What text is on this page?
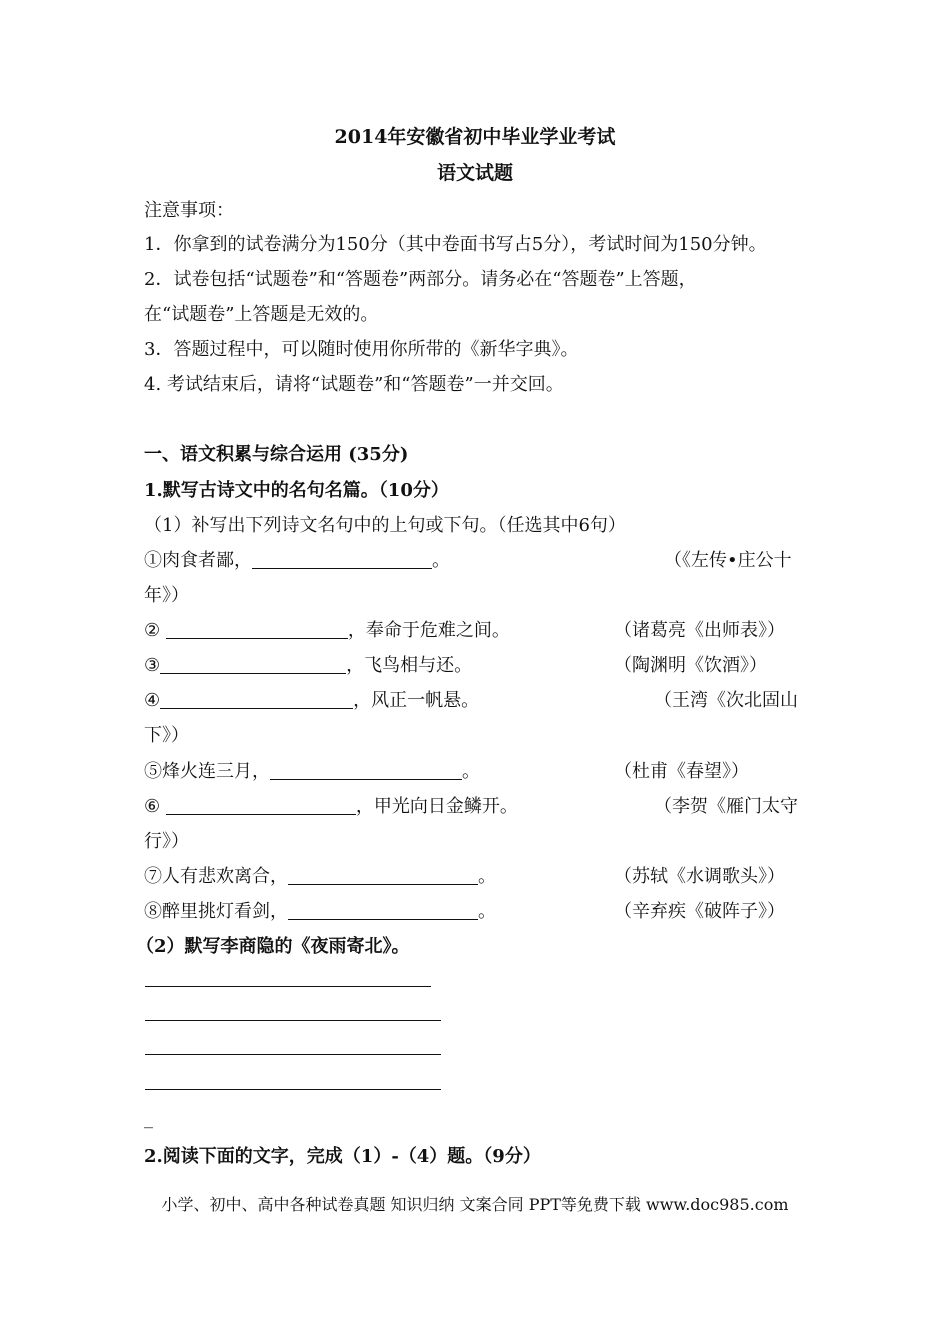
2014年安徽省初中毕业学业考试
语文试题
注意事项：
1．你拿到的试卷满分为150分（其中卷面书写占5分），考试时间为150分钟。
2．试卷包括“试题卷”和“答题卷”两部分。请务必在“答题卷”上答题，
在“试题卷”上答题是无效的。
3．答题过程中，可以随时使用你所带的《新华字典》。
4. 考试结束后，请将“试题卷”和“答题卷”一并交回。
一、语文积累与综合运用 (35分)
1.默写古诗文中的名句名篇。（10分）
（1）补写出下列诗文名句中的上句或下句。（任选其中6句）
①肉食者鄙，	。	（《左传•庄公十
年》）
②	，奉命于危难之间。	（诸葛亮《出师表》）
③	，飞鸟相与还。	（陶渊明《饮酒》）
④	，风正一帆悬。	（王湾《次北固山
下》）
⑤烽火连三月，	。	（杜甫《春望》）
⑥	，甲光向日金鳞开。	（李贺《雁门太守
行》）
⑦人有悲欢离合，	。	（苏轼《水调歌头》）
⑧醉里挑灯看剑，	。	（辛弃疾《破阵子》）
（2）默写李商隐的《夜雨寄北》。
_
2.阅读下面的文字，完成（1）-（4）题。（9分）
小学、初中、高中各种试卷真题 知识归纳 文案合同 PPT等免费下载 www.doc985.com
